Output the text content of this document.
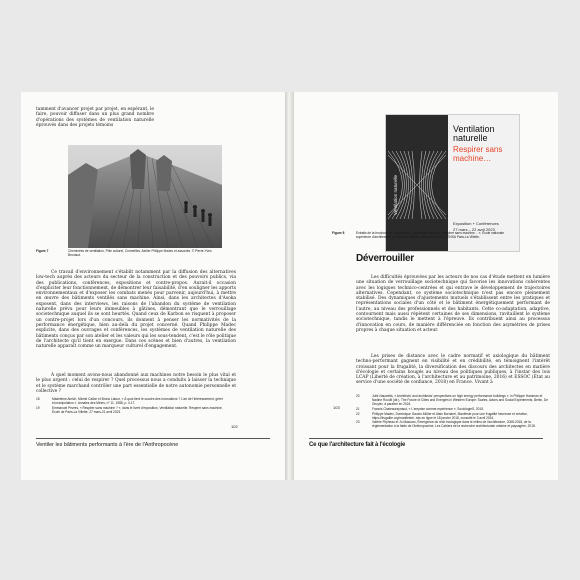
tamment d'avancer projet par projet, en espérant, le faire, pouvoir diffuser dans un plus grand nombre d'opérations des systèmes de ventilation naturelle éprouvés dans des projets témoins

Figure 7	Cheminées de ventilation, Pôle culturel, Cormeilles, Atelier Philippe Madec et associés. © Pierre-Yves Brunaud.

Ce travail d'environnement s'établit notamment par la diffusion des alternatives low-tech auprès des acteurs du secteur de la construction et des pouvoirs publics, via des publications, conférences, expositions et contre-propos. Aurait-il occasion d'expliciter leur fonctionnement, de démontrer leur faisabilité, d'en souligner les apports environnementaux et d'exposer les combats menés pour parvenir, aujourd'hui, à mettre en œuvre des bâtiments ventilés sans machine. Ainsi, dans les architectes d'Asoka exposent, dans des interviews, les raisons de l'abandon du système de ventilation naturelle prévu pour leurs immeubles à gâtines, démontrant que le verrouillage sociotechnique auquel ils se sont heurtés. Quand ceux de Karbon se risquent à proposer un contre-projet lors d'un concours, ils donnent à penser les normativités de la performance énergétique, bien au-delà du projet concerné. Quand Philippe Madec explicite, dans des ouvrages et conférences, les systèmes de ventilation naturelle des bâtiments conçus par son atelier et les valeurs qui les sous-tendent, c'est le rôle politique de l'architecte qu'il tient en exergue. Dans ces scènes et bien d'autres, la ventilation naturelle apparaît comme un marqueur culturel d'engagement.

À quel moment avons-nous abandonné aux machines notre besoin le plus vital et le plus urgent : celui de respirer ? Quel processus nous a conduits à laisser la technique et le système marchand contrôler une part essentielle de notre autonomie personnelle et collective ?

18	Madeleine Akrich, Michel Callon et Bruno Latour, « À quoi tient le succès des innovations ? L'art de l'intéressement, gérer et manipulation », Annales des Mines, n° 11, 1988, p. 4-17.
19	Emmanuel Pezrès, « Respirer sans machine ? », dans le livret d'exposition, Ventilation naturelle. Respirer sans machine, École de Paris-La Villette, 27 mars-21 avril 2023.

102

Ventiler les bâtiments performants à l'ère de l'Anthropocène

Ventilation naturelle

Ventilation naturelle

Respirer sans machine…

Exposition + Conférences

27 mars – 22 avril 2023

Figure 8	Extraits de la brochure de l'exposition « Ventilation naturelle. Respirer sans machine… », École nationale supérieure d'architecture de Paris-La Villette, mars-avril 2023. © ENSA Paris-La Villette.

Déverrouiller

Les difficultés éprouvées par les acteurs de nos cas d'étude mettent en lumière une situation de verrouillage sociotechnique qui favorise les innovations cohérentes avec les logiques technico-centrées et qui entrave le développement de trajectoires alternatives. Cependant, ce système sociotechnique n'est pas encore pleinement stabilisé. Des dynamiques d'ajustements mutuels s'établissent entre les pratiques et représentations sociales d'un côté et le bâtiment énergétiquement performant de l'autre, au niveau des professionnels et des habitants. Cette co-adaptation, adaptive, contournent mais aussi répètent certaines de ses dimensions, ravitaillent le système sociotechnique, tandis le mettent à l'épreuve. Ils contribuent ainsi au processus d'innovation en cours, de manière différenciée en fonction des asymétries de prises propres à chaque situation et acteur.

Les prises de distance avec le cadre normatif et axiologique du bâtiment techno-performant gagnent en visibilité et en crédibilité, en témoignent l'intérêt croissant pour la frugalité, la diversification des discours des architectes en matière d'écologie et certains bougés au niveau des politiques publiques, à l'instar des lois LCAP (Liberté de création, à l'architecture et au patrimoine, 2016) et ESSOC (État au service d'une société de confiance, 2018) en France. Vivant à

103

20	Julie Nauwelts, « Architects' and architects' perspectives on high energy performance buildings », in Philippe Hamman et Nadine Roudil (dir.), The Future of Cities and Energies in Western Europe: Scales, Actors and Social Experiments, Berlin, De Gruyter, à paraître en 2024.
21	Francis Chateauraynaud, « L'emprise comme expérience », SociologieS, 2015.
22	Philippe Madec, Dominique Gauzin-Müller et Alain Bornarel, Manifeste pour une frugalité heureuse et créative, https://frugalite.org/manifeste/, mis en ligne le 18 janvier 2018, consulté le 3 avril 2024.
23	Valérie Flipheau et Jo Mascaro, Émergence du récit écologique dans le milieu de l'architecture, 2008-2018, de la réglementation à la fable de l'Anthropocène, Les Cahiers de la recherche architecturale urbaine et paysagère, 2018.

Ce que l'architecture fait à l'écologie
